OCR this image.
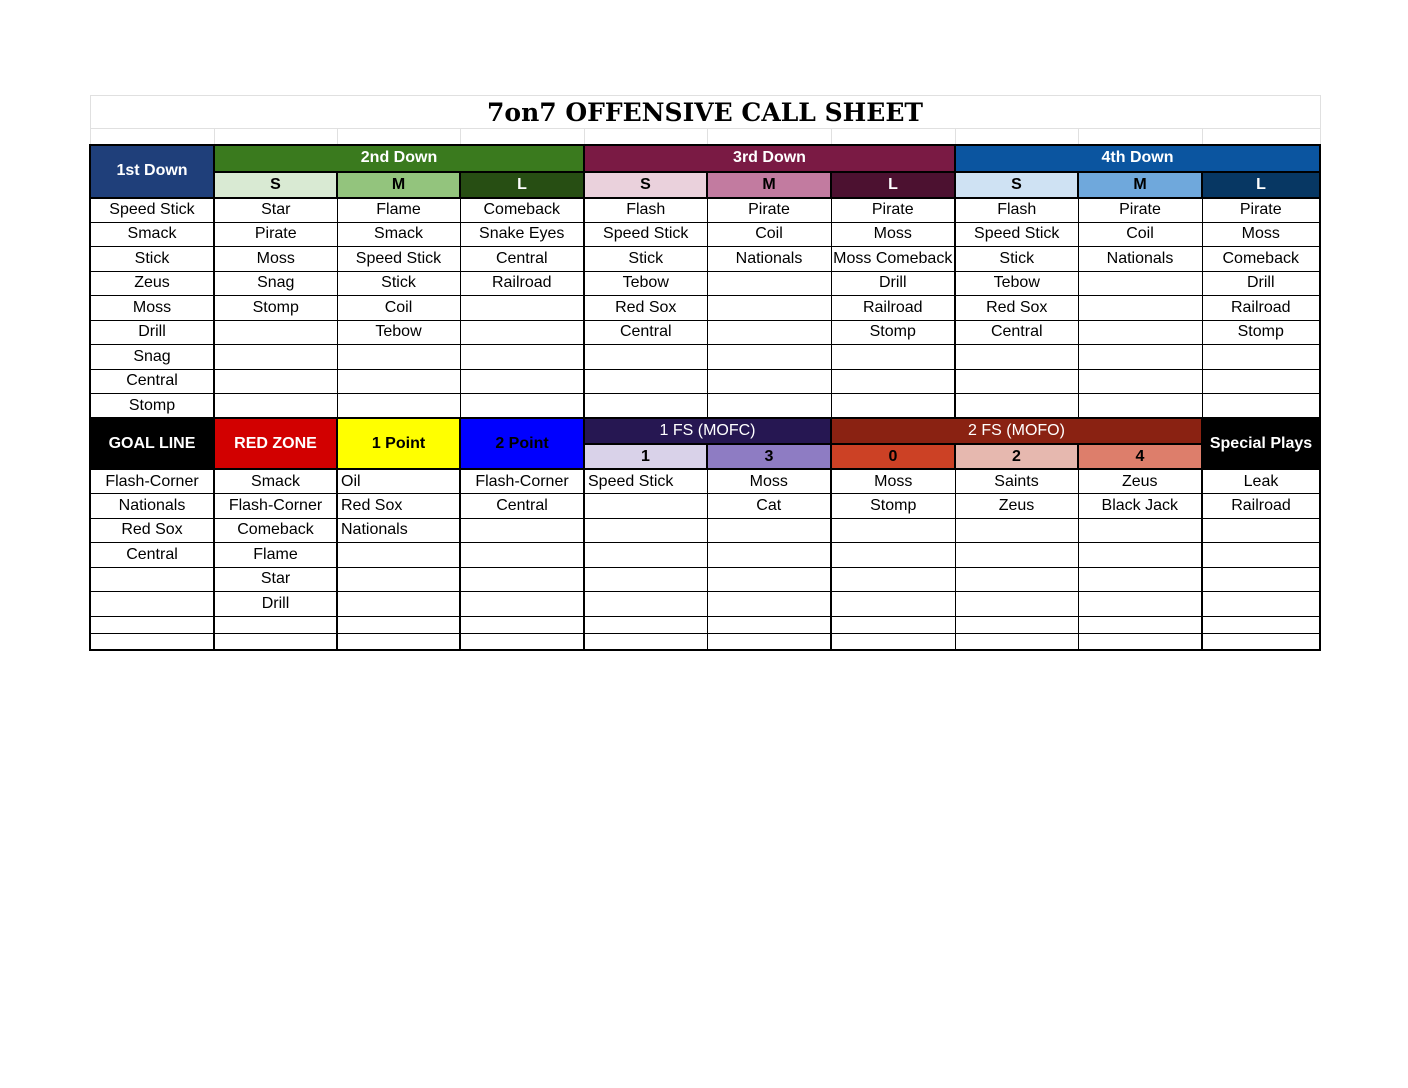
7on7 OFFENSIVE CALL SHEET									

1st Down	2nd Down			3rd Down			4th Down		
	S	M	L	S	M	L	S	M	L
Speed Stick	Star	Flame	Comeback	Flash	Pirate	Pirate	Flash	Pirate	Pirate
Smack	Pirate	Smack	Snake Eyes	Speed Stick	Coil	Moss	Speed Stick	Coil	Moss
Stick	Moss	Speed Stick	Central	Stick	Nationals	Moss Comeback	Stick	Nationals	Comeback
Zeus	Snag	Stick	Railroad	Tebow		Drill	Tebow		Drill
Moss	Stomp	Coil		Red Sox		Railroad	Red Sox		Railroad
Drill		Tebow		Central		Stomp	Central		Stomp
Snag									
Central									
Stomp									
GOAL LINE	RED ZONE	1 Point	2 Point	1 FS (MOFC)		2 FS (MOFO)			Special Plays
				1	3	0	2	4	
Flash-Corner	Smack	Oil	Flash-Corner	Speed Stick	Moss	Moss	Saints	Zeus	Leak
Nationals	Flash-Corner	Red Sox	Central		Cat	Stomp	Zeus	Black Jack	Railroad
Red Sox	Comeback	Nationals							
Central	Flame								
	Star								
	Drill								
